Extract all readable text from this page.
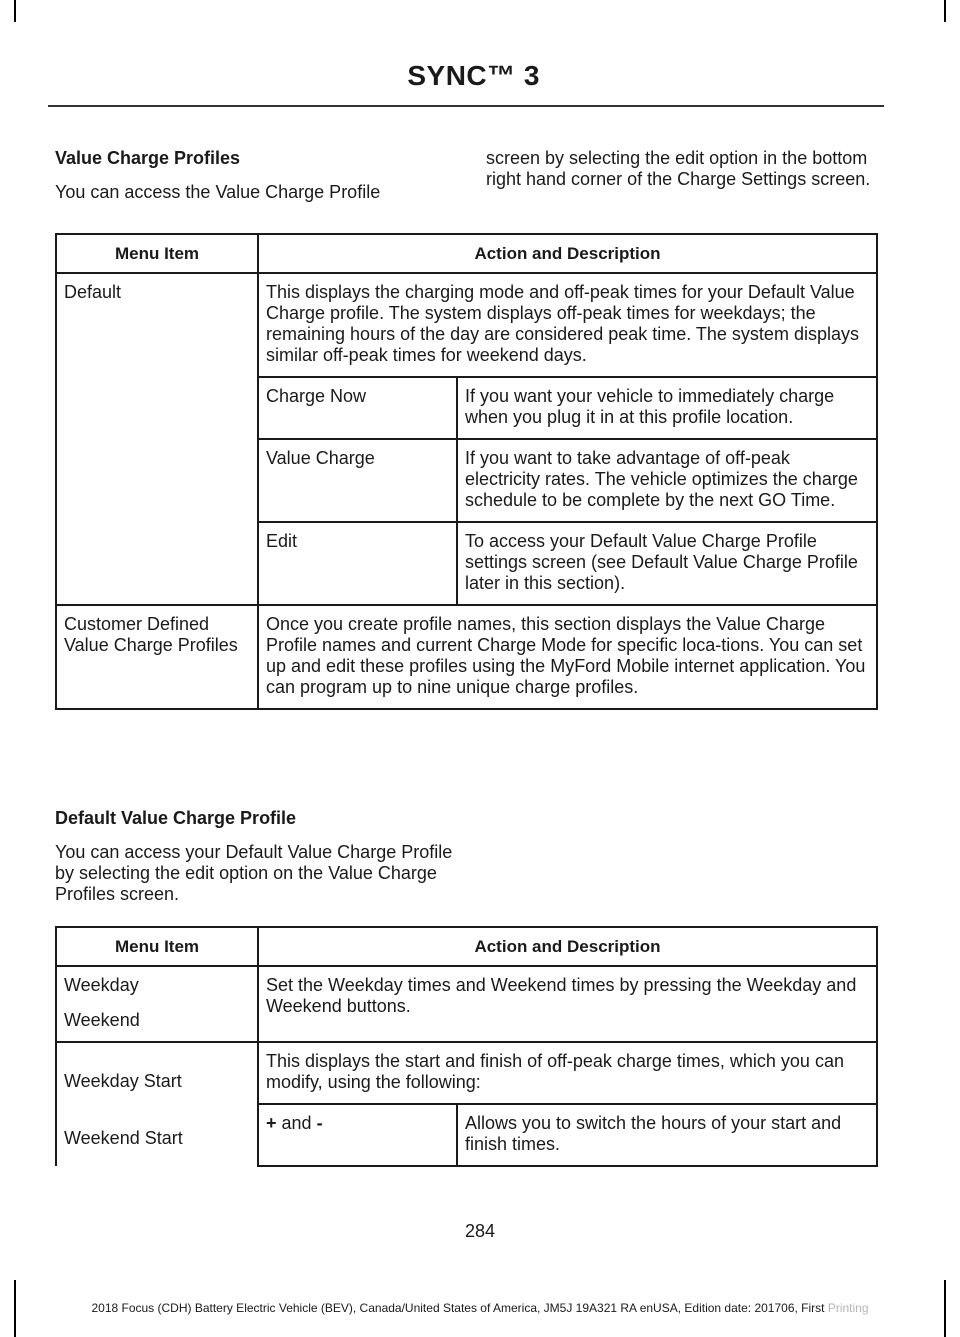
SYNC™ 3

Value Charge Profiles

You can access the Value Charge Profile

screen by selecting the edit option in the bottom right hand corner of the Charge Settings screen.

Menu Item	Action and Description	
Default	This displays the charging mode and off-peak times for your Default Value Charge profile. The system displays off-peak times for weekdays; the remaining hours of the day are considered peak time. The system displays similar off-peak times for weekend days.	
	Charge Now	If you want your vehicle to immediately charge when you plug it in at this profile location.
	Value Charge	If you want to take advantage of off-peak electricity rates. The vehicle optimizes the charge schedule to be complete by the next GO Time.
	Edit	To access your Default Value Charge Profile settings screen (see Default Value Charge Profile later in this section).
Customer Defined Value Charge Profiles	Once you create profile names, this section displays the Value Charge Profile names and current Charge Mode for specific loca-tions. You can set up and edit these profiles using the MyFord Mobile internet application. You can program up to nine unique charge profiles.	

Default Value Charge Profile

You can access your Default Value Charge Profile by selecting the edit option on the Value Charge Profiles screen.

Menu Item	Action and Description	

Weekday
Weekend	Set the Weekday times and Weekend times by pressing the Weekday and Weekend buttons.	

Weekday Start
Weekend Start	This displays the start and finish of off-peak charge times, which you can modify, using the following:	
	+ and -	Allows you to switch the hours of your start and finish times.
284
2018 Focus (CDH) Battery Electric Vehicle (BEV), Canada/United States of America, JM5J 19A321 RA enUSA, Edition date: 201706, First Printing
